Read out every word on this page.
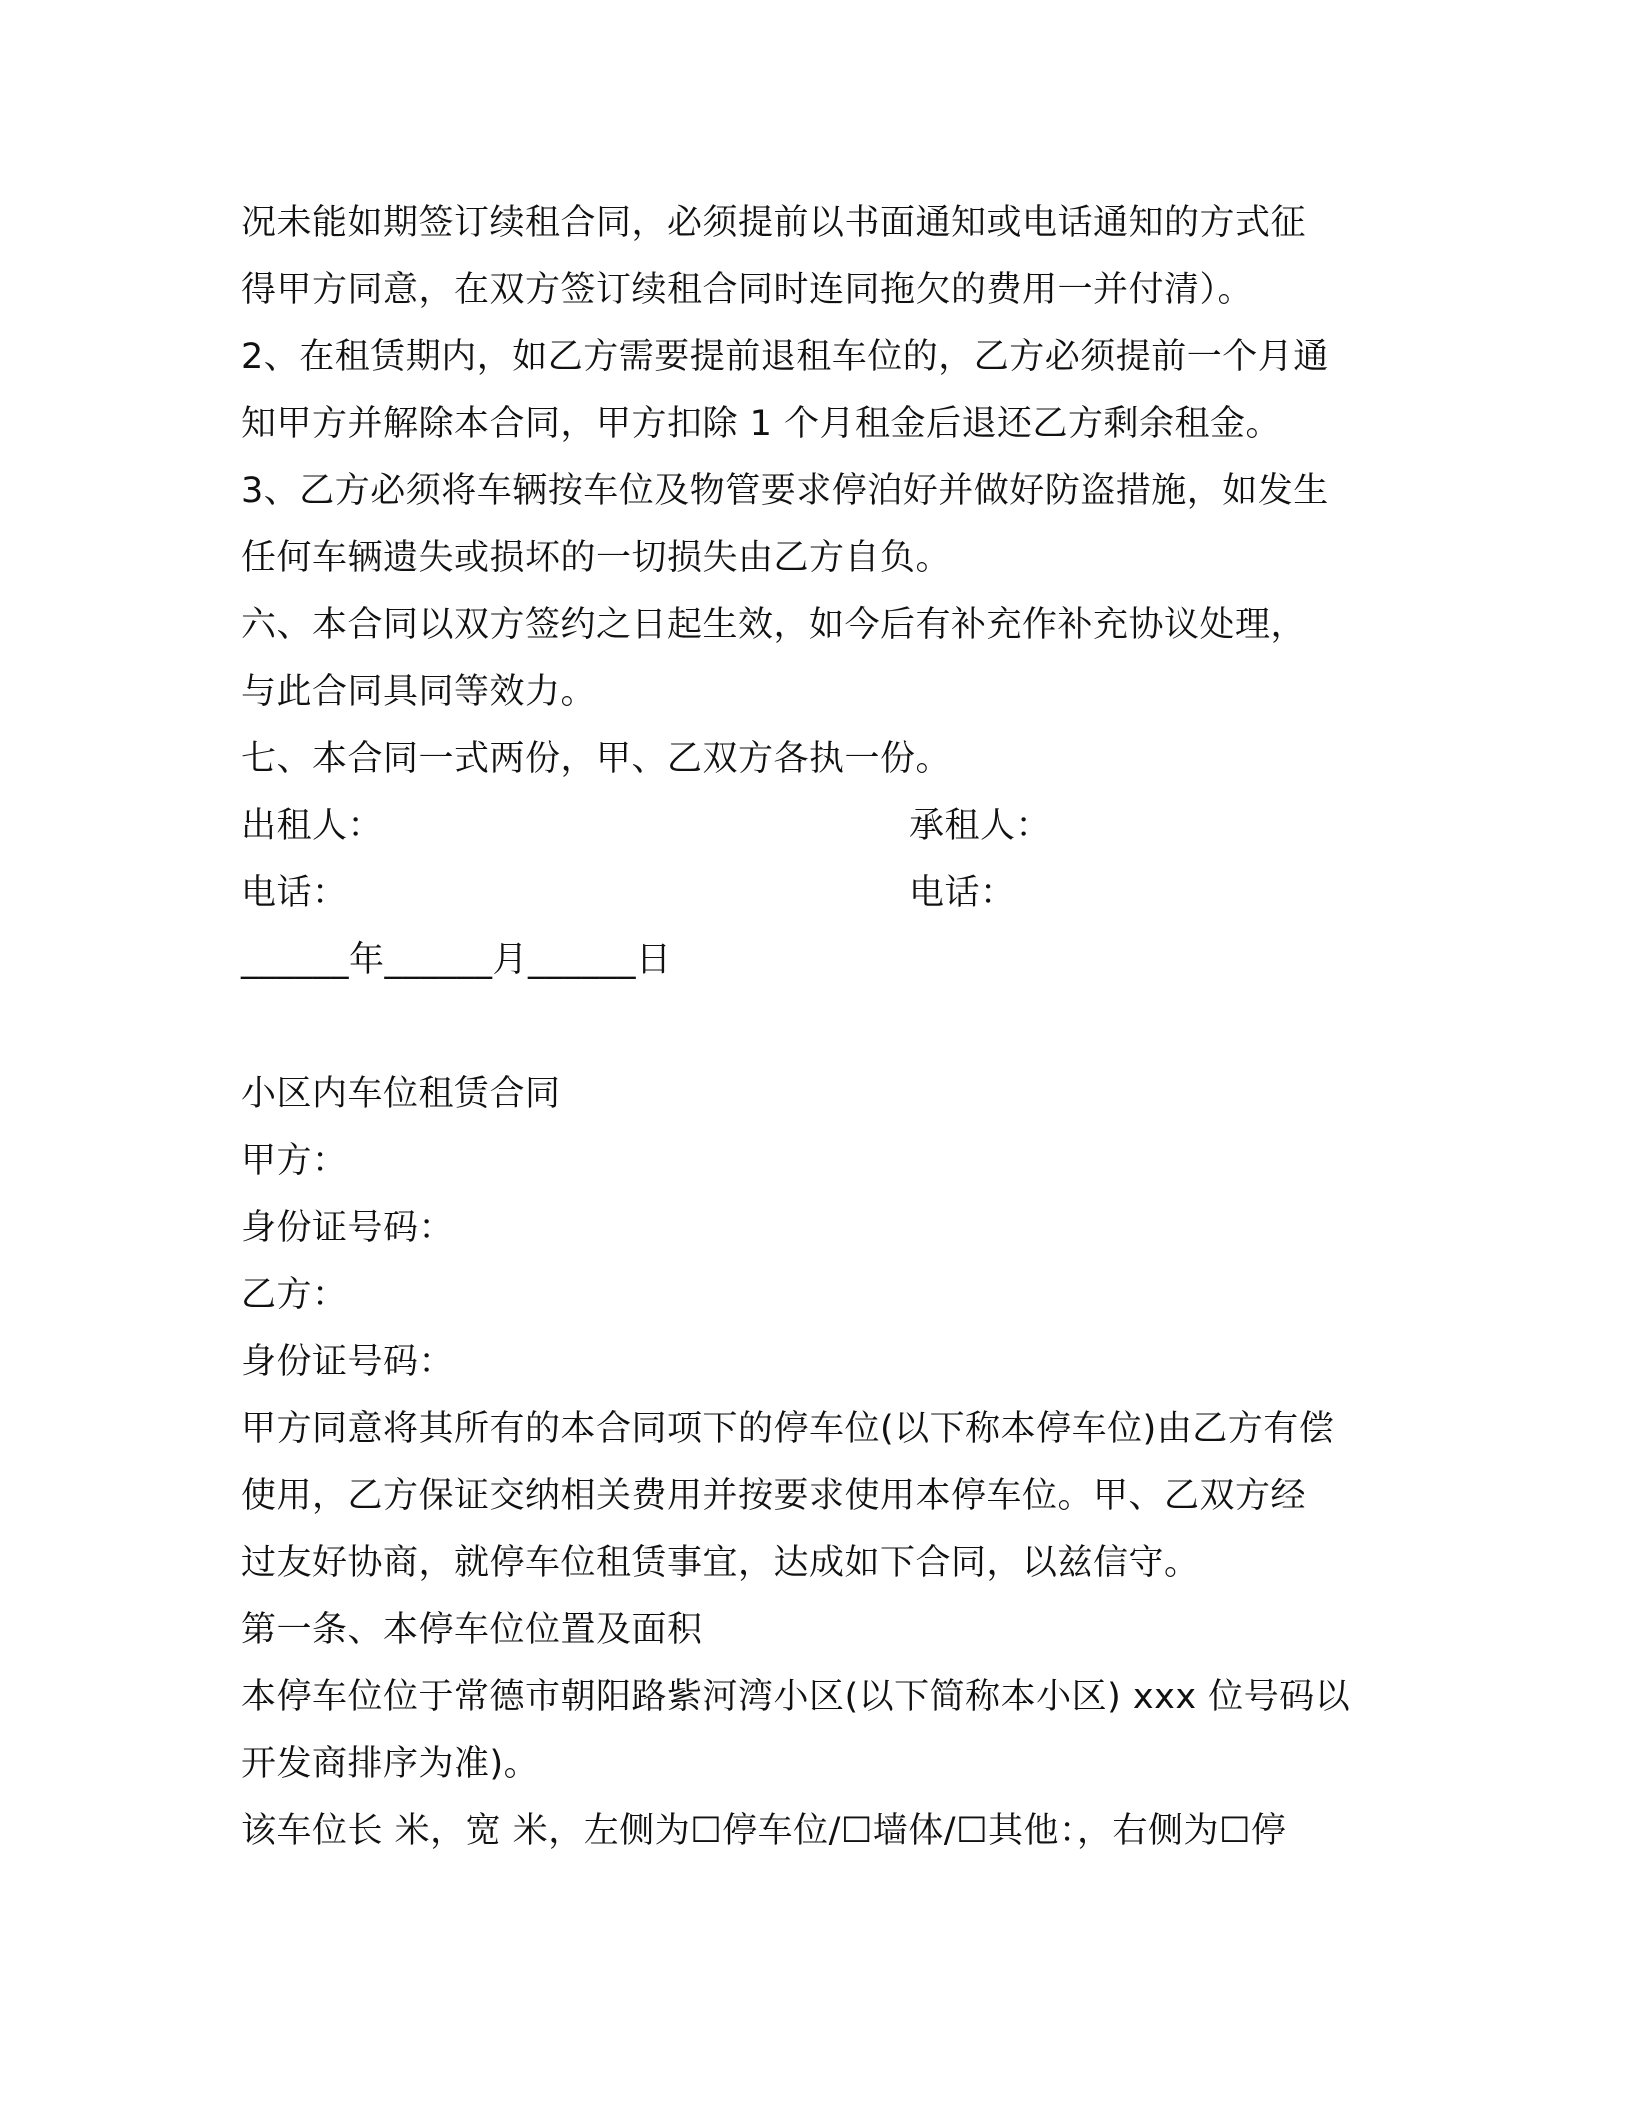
况未能如期签订续租合同，必须提前以书面通知或电话通知的方式征
得甲方同意，在双方签订续租合同时连同拖欠的费用一并付清）。
2、在租赁期内，如乙方需要提前退租车位的，乙方必须提前一个月通
知甲方并解除本合同，甲方扣除 1 个月租金后退还乙方剩余租金。
3、乙方必须将车辆按车位及物管要求停泊好并做好防盗措施，如发生
任何车辆遗失或损坏的一切损失由乙方自负。
六、本合同以双方签约之日起生效，如今后有补充作补充协议处理，
与此合同具同等效力。
七、本合同一式两份，甲、乙双方各执一份。
出租人：	承租人：
电话：	电话：
______年______月______日
小区内车位租赁合同
甲方：
身份证号码：
乙方：
身份证号码：
甲方同意将其所有的本合同项下的停车位(以下称本停车位)由乙方有偿
使用，乙方保证交纳相关费用并按要求使用本停车位。甲、乙双方经
过友好协商，就停车位租赁事宜，达成如下合同，以兹信守。
第一条、本停车位位置及面积
本停车位位于常德市朝阳路紫河湾小区(以下简称本小区) xxx 位号码以
开发商排序为准)。
该车位长 米，宽 米，左侧为☐停车位/☐墙体/☐其他：，右侧为☐停
